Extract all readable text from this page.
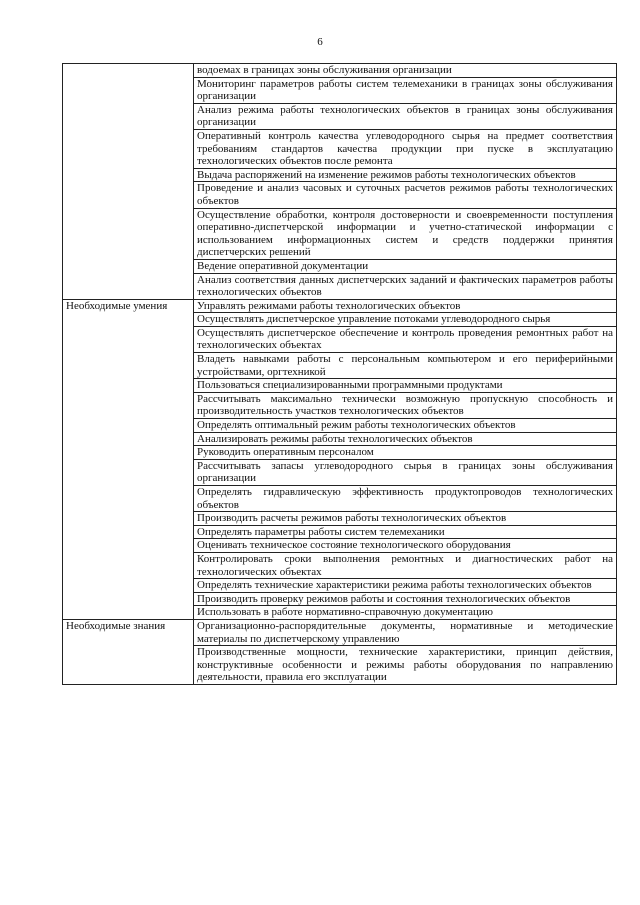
6
	водоемах в границах зоны обслуживания организации
	Мониторинг параметров работы систем телемеханики в границах зоны обслуживания организации
	Анализ режима работы технологических объектов в границах зоны обслуживания организации
	Оперативный контроль качества углеводородного сырья на предмет соответствия требованиям стандартов качества продукции при пуске в эксплуатацию технологических объектов после ремонта
	Выдача распоряжений на изменение режимов работы технологических объектов
	Проведение и анализ часовых и суточных расчетов режимов работы технологических объектов
	Осуществление обработки, контроля достоверности и своевременности поступления оперативно-диспетчерской информации и учетно-статической информации с использованием информационных систем и средств поддержки принятия диспетчерских решений
	Ведение оперативной документации
	Анализ соответствия данных диспетчерских заданий и фактических параметров работы технологических объектов
Необходимые умения	Управлять режимами работы технологических объектов
	Осуществлять диспетчерское управление потоками углеводородного сырья
	Осуществлять диспетчерское обеспечение и контроль проведения ремонтных работ на технологических объектах
	Владеть навыками работы с персональным компьютером и его периферийными устройствами, оргтехникой
	Пользоваться специализированными программными продуктами
	Рассчитывать максимально технически возможную пропускную способность и производительность участков технологических объектов
	Определять оптимальный режим работы технологических объектов
	Анализировать режимы работы технологических объектов
	Руководить оперативным персоналом
	Рассчитывать запасы углеводородного сырья в границах зоны обслуживания организации
	Определять гидравлическую эффективность продуктопроводов технологических объектов
	Производить расчеты режимов работы технологических объектов
	Определять параметры работы систем телемеханики
	Оценивать техническое состояние технологического оборудования
	Контролировать сроки выполнения ремонтных и диагностических работ на технологических объектах
	Определять технические характеристики режима работы технологических объектов
	Производить проверку режимов работы и состояния технологических объектов
	Использовать в работе нормативно-справочную документацию
Необходимые знания	Организационно-распорядительные документы, нормативные и методические материалы по диспетчерскому управлению
	Производственные мощности, технические характеристики, принцип действия, конструктивные особенности и режимы работы оборудования по направлению деятельности, правила его эксплуатации
